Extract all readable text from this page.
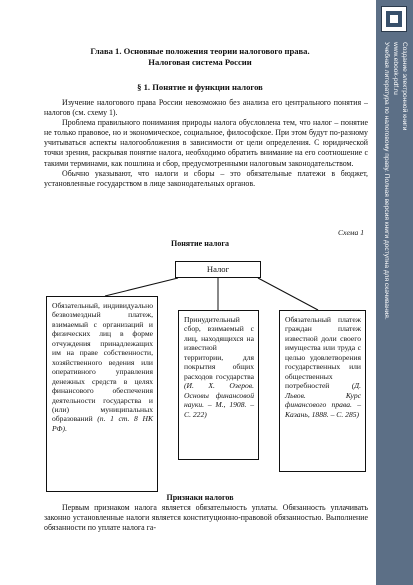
Глава 1. Основные положения теории налогового права.
Налоговая система России
§ 1. Понятие и функции налогов

Изучение налогового права России невозможно без анализа его центрального понятия – налогов (см. схему 1).

Проблема правильного понимания природы налога обусловлена тем, что налог – понятие не только правовое, но и экономическое, социальное, философское. При этом будут по-разному учитываться аспекты налогообложения в зависимости от цели определения. С юридической точки зрения, раскрывая понятие налога, необходимо обратить внимание на его соотношение с такими терминами, как пошлина и сбор, предусмотренными налоговым законодательством.

Обычно указывают, что налоги и сборы – это обязательные платежи в бюджет, установленные государством в лице законодательных органов.

Схема 1
Понятие налога
Налог
Обязательный, индивидуально безвозмездный платеж, взимаемый с организаций и физических лиц в форме отчуждения принадлежащих им на праве собственности, хозяйственного ведения или оперативного управления денежных средств в целях финансового обеспечения деятельности государства и (или) муниципальных образований (п. 1 ст. 8 НК РФ).
Принудительный сбор, взимаемый с лиц, находящихся на известной территории, для покрытия общих расходов государства (И. Х. Озеров. Основы финансовой науки. – М., 1908. – С. 222)
Обязательный платеж граждан платеж известной доли своего имущества или труда с целью удовлетворения государственных или общественных потребностей	(Д. Львов. Курс финансового права. – Казань, 1888. – С. 285)
Признаки налогов

Первым признаком налога является обязательность уплаты. Обязанность уплачивать законно установленные налоги является конституционно-правовой обязанностью. Выполнение обязанности по уплате налога га-

Создание электронной книги
www.ebook-pdf.ru
Учебная литература по налоговому праву. Полная версия книги доступна для скачивания.
